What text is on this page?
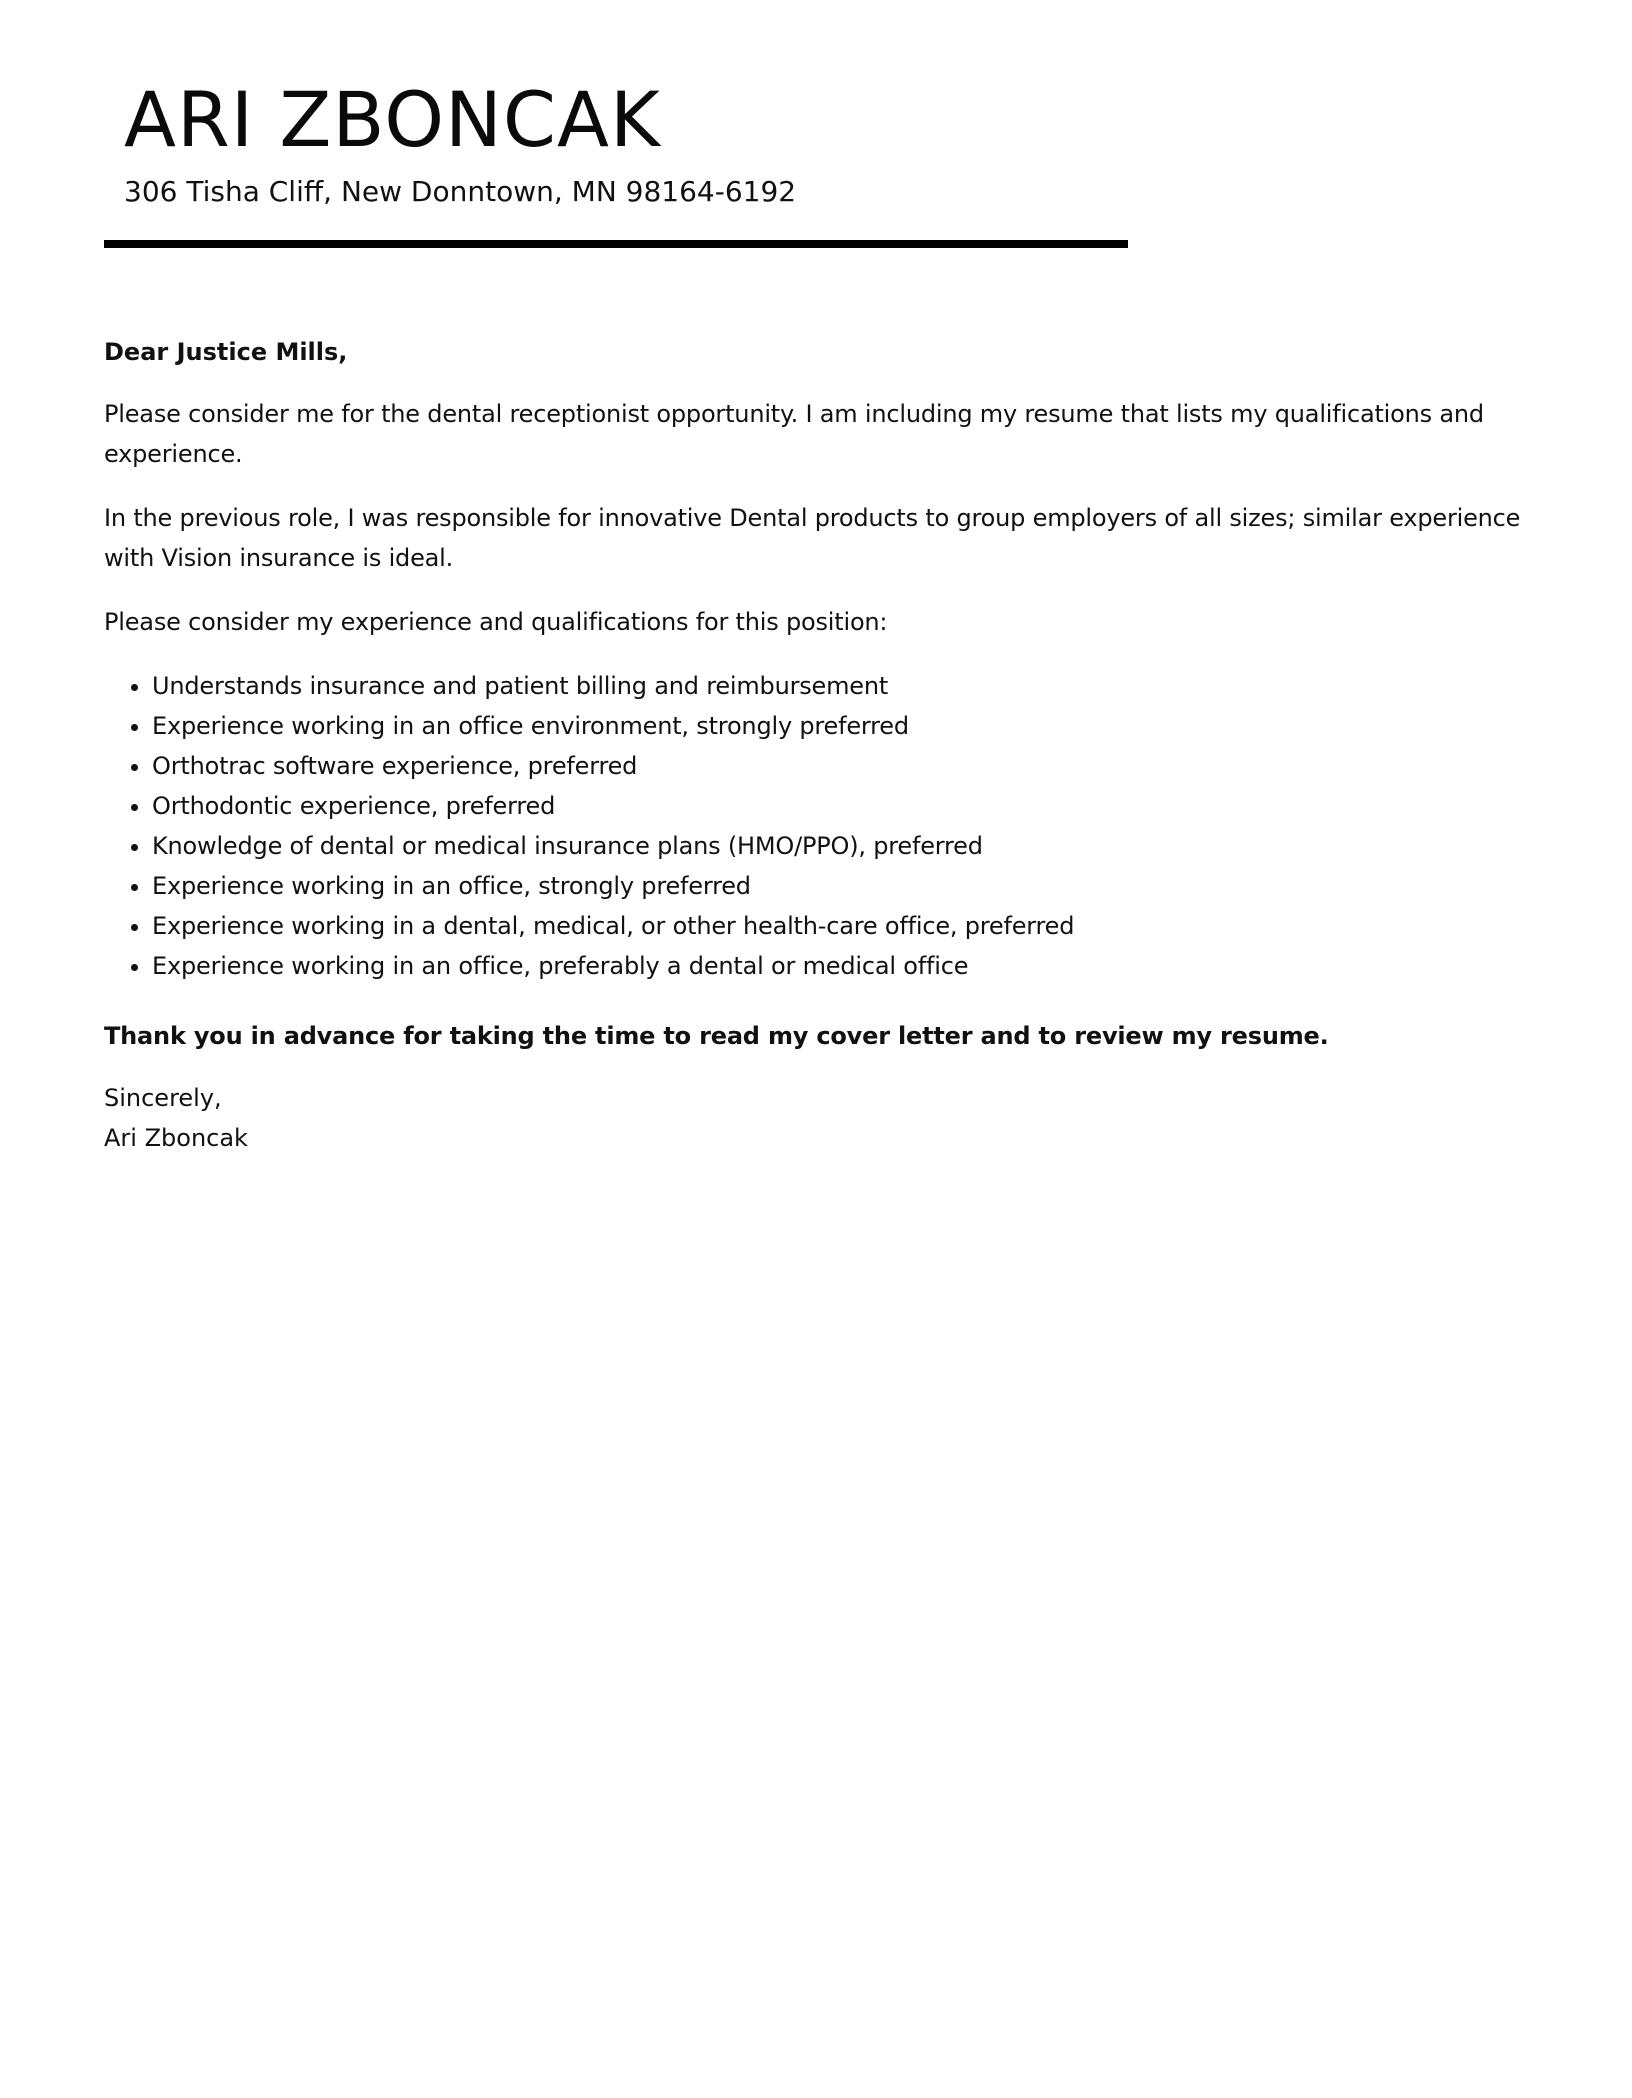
ARI ZBONCAK
306 Tisha Cliff, New Donntown, MN 98164-6192

Dear Justice Mills,

Please consider me for the dental receptionist opportunity. I am including my resume that lists my qualifications and experience.

In the previous role, I was responsible for innovative Dental products to group employers of all sizes; similar experience with Vision insurance is ideal.

Please consider my experience and qualifications for this position:

• Understands insurance and patient billing and reimbursement
• Experience working in an office environment, strongly preferred
• Orthotrac software experience, preferred
• Orthodontic experience, preferred
• Knowledge of dental or medical insurance plans (HMO/PPO), preferred
• Experience working in an office, strongly preferred
• Experience working in a dental, medical, or other health-care office, preferred
• Experience working in an office, preferably a dental or medical office

Thank you in advance for taking the time to read my cover letter and to review my resume.

Sincerely,
Ari Zboncak
